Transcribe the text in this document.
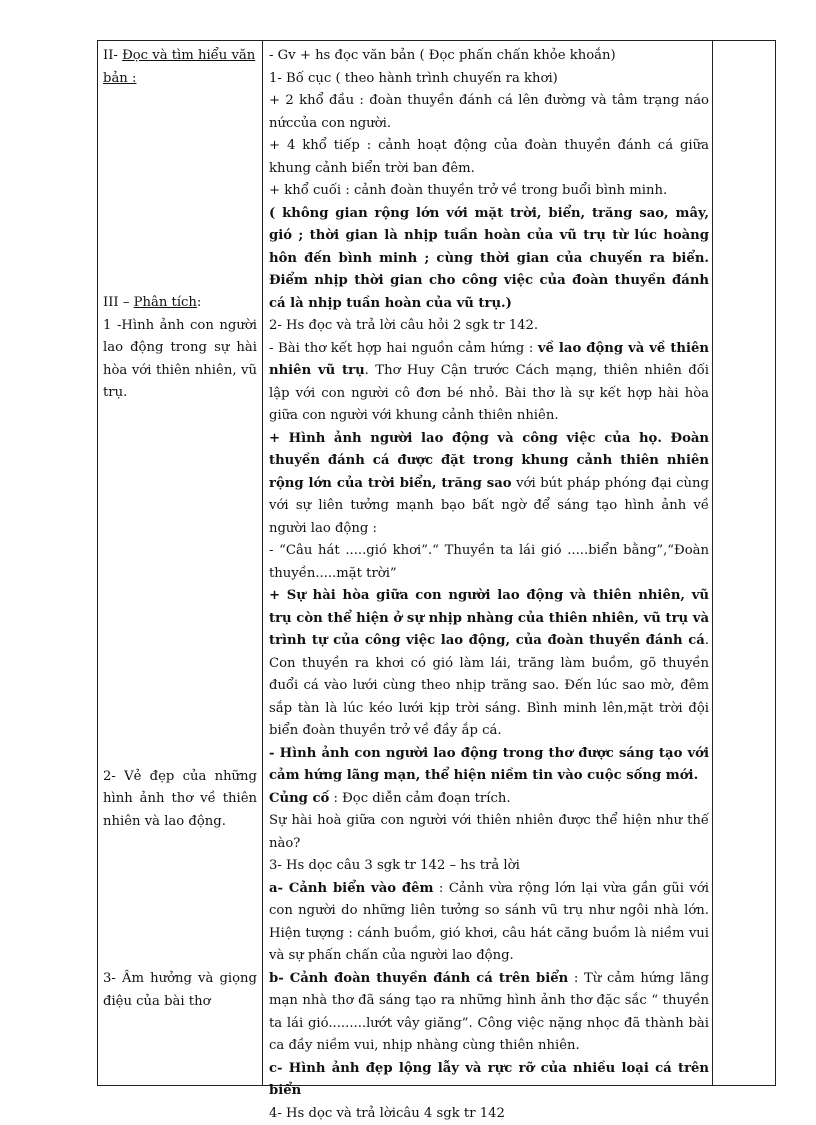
II- Đọc và tìm hiểu văn bản :

III – Phân tích:

1 -Hình ảnh con người lao động trong sự hài hòa với thiên nhiên, vũ trụ.

2- Vẻ đẹp của những hình ảnh thơ về thiên nhiên và lao động.

3- Âm hưởng và giọng điệu của bài thơ

- Gv + hs đọc văn bản ( Đọc phấn chấn khỏe khoắn)

1- Bố cục ( theo hành trình chuyến ra khơi)

+ 2 khổ đầu : đoàn thuyền đánh cá lên đường và tâm trạng náo nứccủa con người.

+ 4 khổ tiếp : cảnh hoạt động của đoàn thuyền đánh cá giữa khung cảnh biển trời ban đêm.

+ khổ cuối : cảnh đoàn thuyền trở về trong buổi bình minh.

( không gian rộng lớn với mặt trời, biển, trăng sao, mây, gió ; thời gian là nhịp tuần hoàn của vũ trụ từ lúc hoàng hôn đến bình minh ; cùng thời gian của chuyến ra biển. Điểm nhịp thời gian cho công việc của đoàn thuyền đánh cá là nhịp tuần hoàn của vũ trụ.)

2- Hs đọc và trả lời câu hỏi 2 sgk tr 142.

- Bài thơ kết hợp hai nguồn cảm hứng : về lao động và về thiên nhiên vũ trụ. Thơ Huy Cận trước Cách mạng, thiên nhiên đối lập với con người cô đơn bé nhỏ. Bài thơ là sự kết hợp hài hòa giữa con người với khung cảnh thiên nhiên.

+ Hình ảnh người lao động và công việc của họ. Đoàn thuyền đánh cá được đặt trong khung cảnh thiên nhiên rộng lớn của trời biển, trăng sao với bút pháp phóng đại cùng với sự liên tưởng mạnh bạo bất ngờ để sáng tạo hình ảnh về người lao động :

- “Câu hát .....gió khơi”.“ Thuyền ta lái gió .....biển bằng”,“Đoàn thuyền.....mặt trời”

+ Sự hài hòa giữa con người lao động và thiên nhiên, vũ trụ còn thể hiện ở sự nhịp nhàng của thiên nhiên, vũ trụ và trình tự của công việc lao động, của đoàn thuyền đánh cá. Con thuyền ra khơi có gió làm lái, trăng làm buồm, gõ thuyền đuổi cá vào lưới cùng theo nhịp trăng sao. Đến lúc sao mờ, đêm sắp tàn là lúc kéo lưới kịp trời sáng. Bình minh lên,mặt trời đội biển đoàn thuyền trở về đầy ắp cá.

- Hình ảnh con người lao động trong thơ được sáng tạo với cảm hứng lãng mạn, thể hiện niềm tin vào cuộc sống mới.

Củng cố : Đọc diễn cảm đoạn trích.

Sự hài hoà giữa con người với thiên nhiên được thể hiện như thế nào?

3- Hs dọc câu 3 sgk tr 142 – hs trả lời

a- Cảnh biển vào đêm : Cảnh vừa rộng lớn lại vừa gần gũi với con người do những liên tưởng so sánh vũ trụ như ngôi nhà lớn. Hiện tượng : cánh buồm, gió khơi, câu hát căng buồm là niềm vui và sự phấn chấn của người lao động.

b- Cảnh đoàn thuyền đánh cá trên biển : Từ cảm hứng lãng mạn nhà thơ đã sáng tạo ra những hình ảnh thơ đặc sắc “ thuyền ta lái gió.........lướt vây giăng”. Công việc nặng nhọc đã thành bài ca đầy niềm vui, nhịp nhàng cùng thiên nhiên.

c- Hình ảnh đẹp lộng lẫy và rực rỡ của nhiều loại cá trên biển

4- Hs dọc và trả lờicâu 4 sgk tr 142
